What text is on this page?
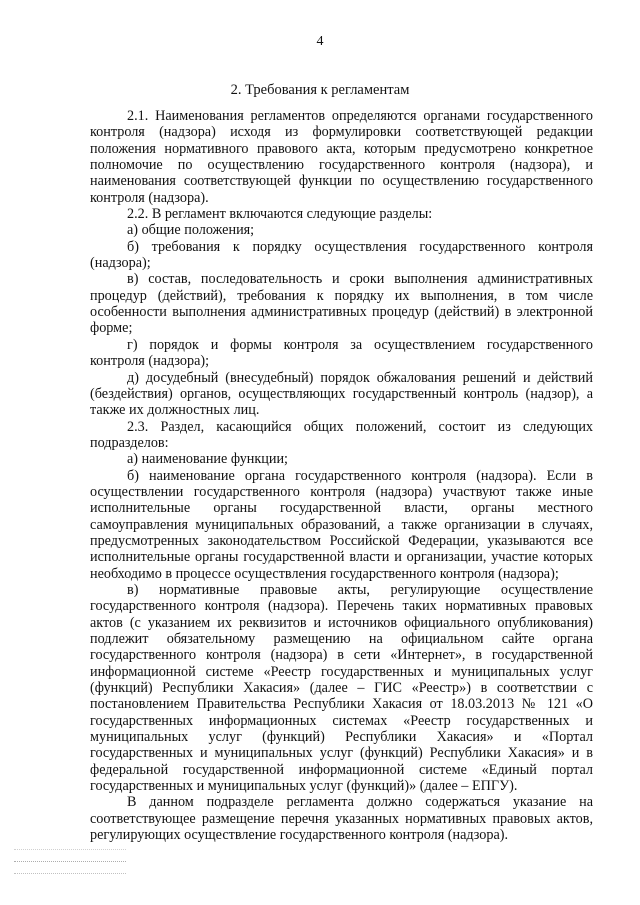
4
2. Требования к регламентам

2.1. Наименования регламентов определяются органами государственного контроля (надзора) исходя из формулировки соответствующей редакции положения нормативного правового акта, которым предусмотрено конкретное полномочие по осуществлению государственного контроля (надзора), и наименования соответствующей функции по осуществлению государственного контроля (надзора).

2.2. В регламент включаются следующие разделы:

а) общие положения;

б) требования к порядку осуществления государственного контроля (надзора);

в) состав, последовательность и сроки выполнения административных процедур (действий), требования к порядку их выполнения, в том числе особенности выполнения административных процедур (действий) в электронной форме;

г) порядок и формы контроля за осуществлением государственного контроля (надзора);

д) досудебный (внесудебный) порядок обжалования решений и действий (бездействия) органов, осуществляющих государственный контроль (надзор), а также их должностных лиц.

2.3. Раздел, касающийся общих положений, состоит из следующих подразделов:

а) наименование функции;

б) наименование органа государственного контроля (надзора). Если в осуществлении государственного контроля (надзора) участвуют также иные исполнительные органы государственной власти, органы местного самоуправления муниципальных образований, а также организации в случаях, предусмотренных законодательством Российской Федерации, указываются все исполнительные органы государственной власти и организации, участие которых необходимо в процессе осуществления государственного контроля (надзора);

в) нормативные правовые акты, регулирующие осуществление государственного контроля (надзора). Перечень таких нормативных правовых актов (с указанием их реквизитов и источников официального опубликования) подлежит обязательному размещению на официальном сайте органа государственного контроля (надзора) в сети «Интернет», в государственной информационной системе «Реестр государственных и муниципальных услуг (функций) Республики Хакасия» (далее – ГИС «Реестр») в соответствии с постановлением Правительства Республики Хакасия от 18.03.2013 № 121 «О государственных информационных системах «Реестр государственных и муниципальных услуг (функций) Республики Хакасия» и «Портал государственных и муниципальных услуг (функций) Республики Хакасия» и в федеральной государственной информационной системе «Единый портал государственных и муниципальных услуг (функций)» (далее – ЕПГУ).

В данном подразделе регламента должно содержаться указание на соответствующее размещение перечня указанных нормативных правовых актов, регулирующих осуществление государственного контроля (надзора).
